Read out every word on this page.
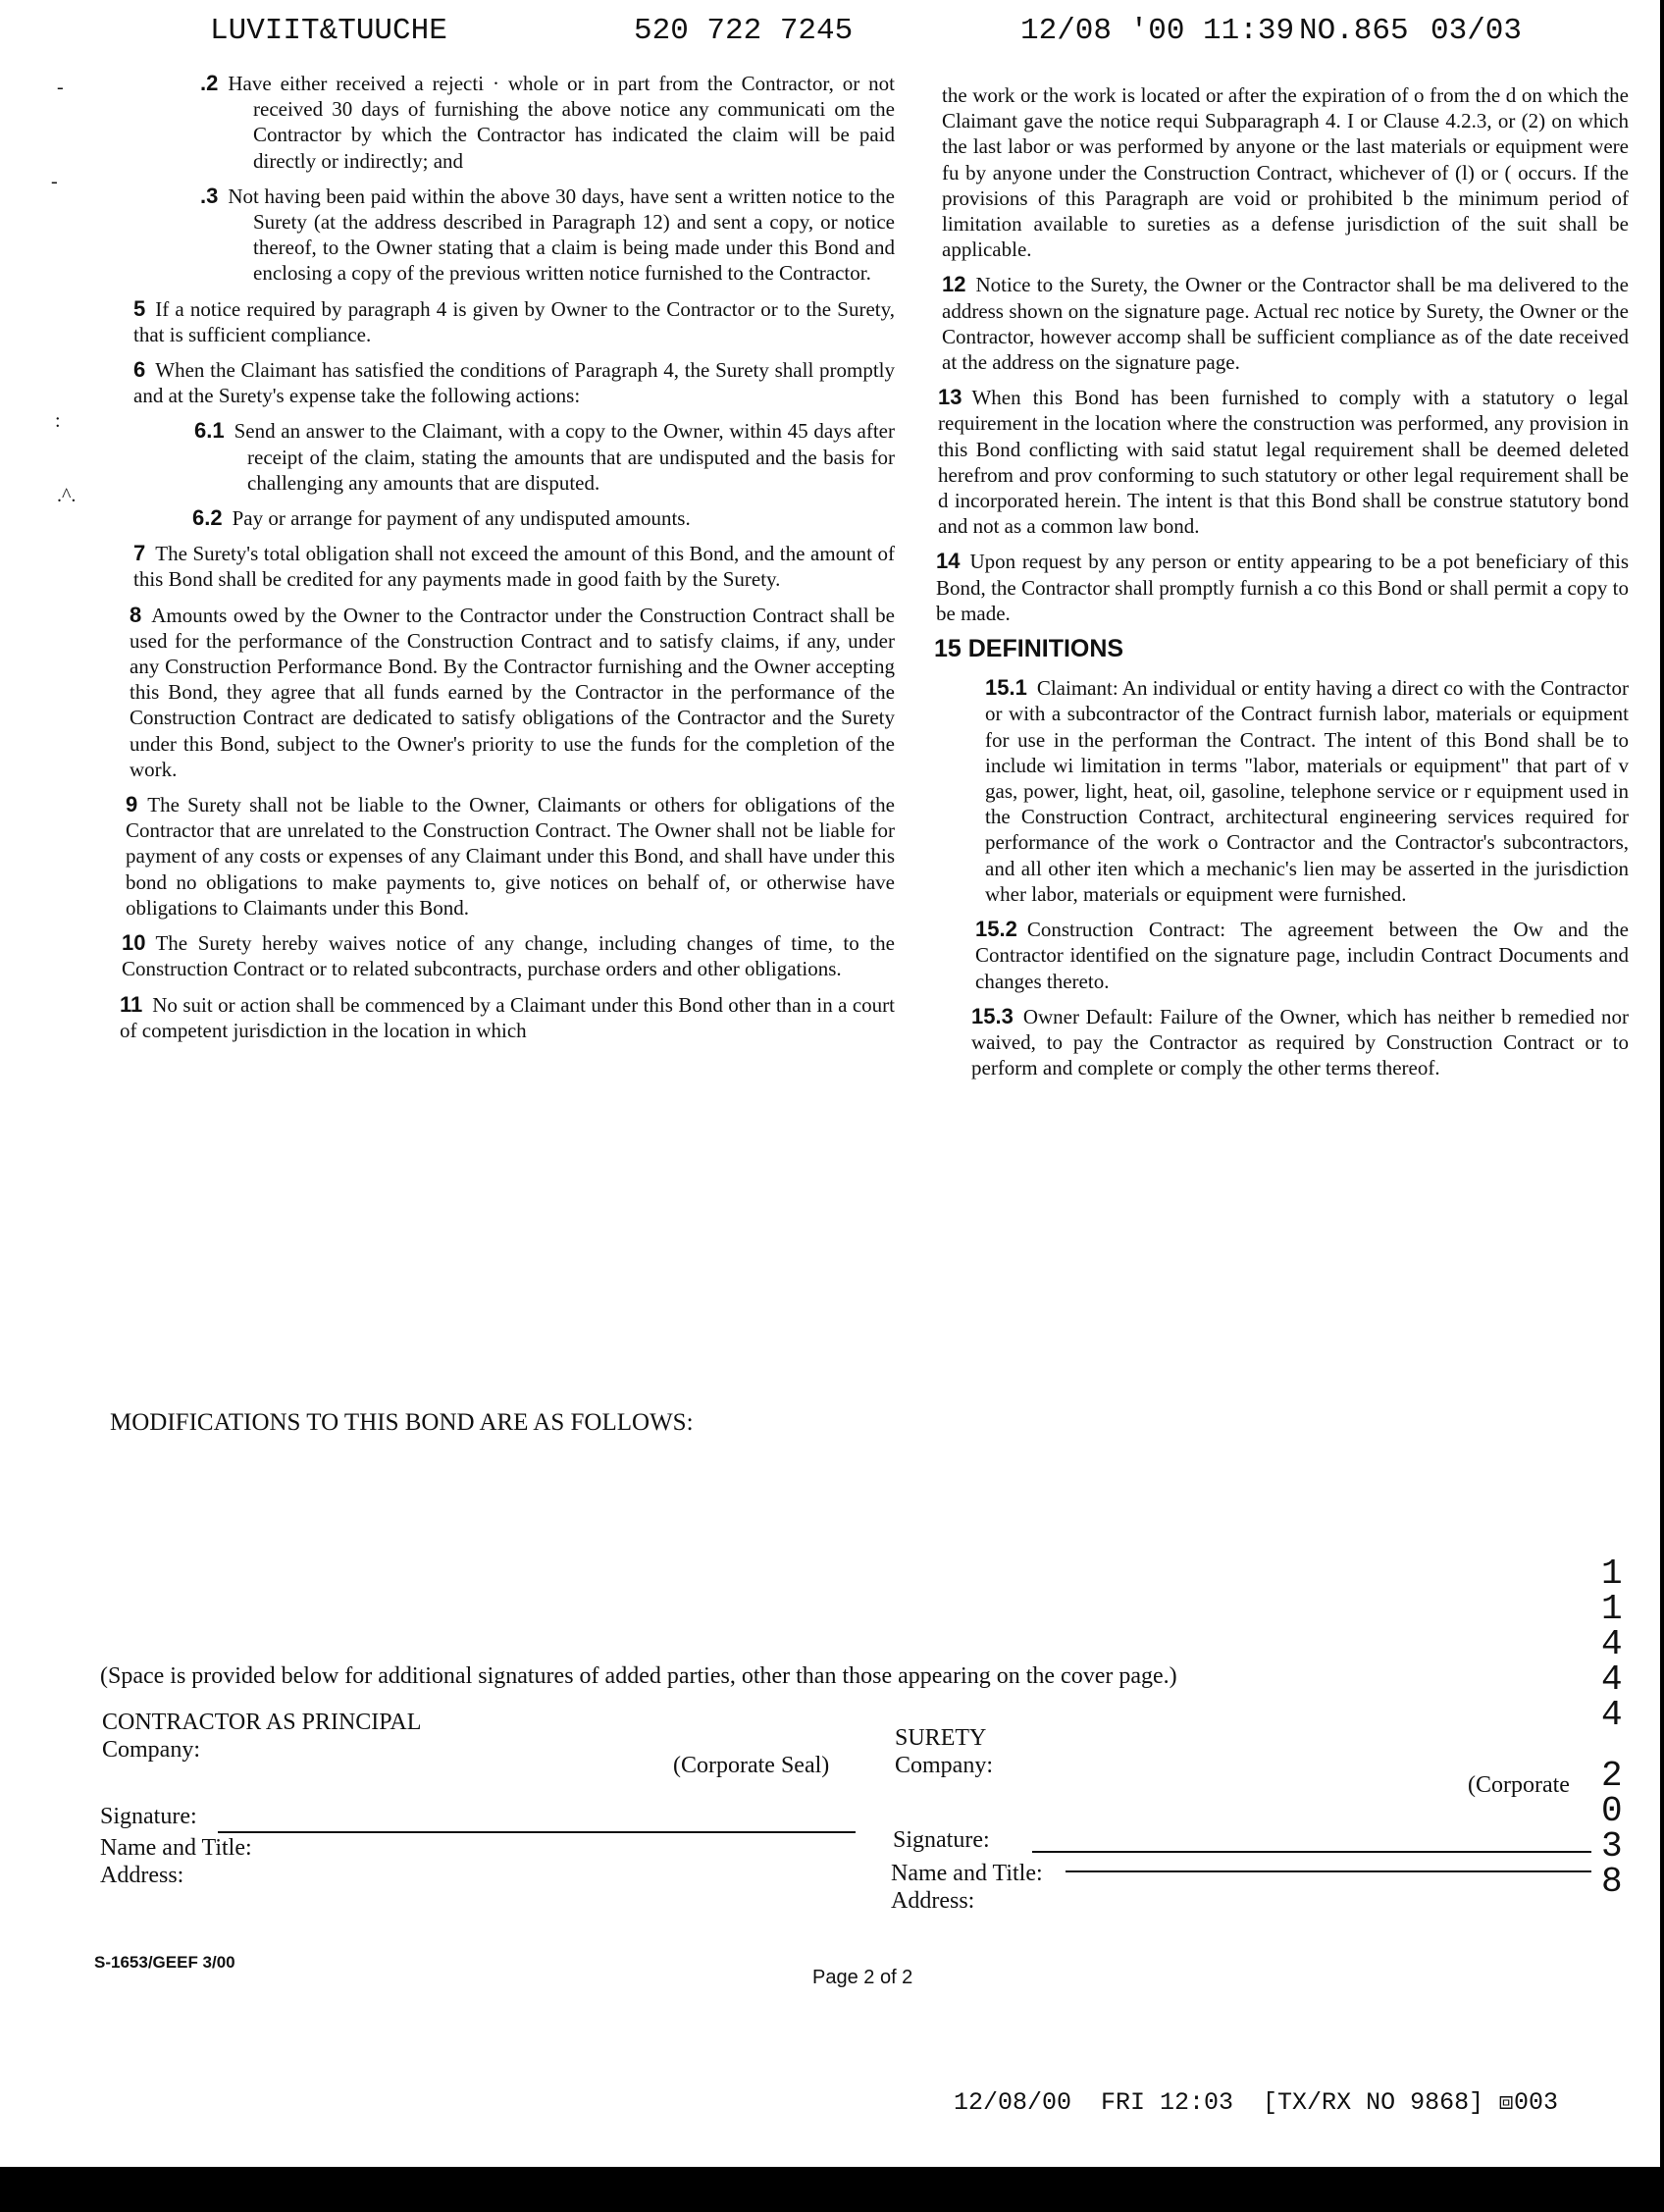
LUVIIT&TUUCHE	520 722 7245	12/08 '00 11:39 NO.865 03/03
-
-
:
.^.

.2 Have either received a rejecti · whole or in part from the Contractor, or not received 30 days of furnishing the above notice any communicati om the Contractor by which the Contractor has indicated the claim will be paid directly or indirectly; and

.3 Not having been paid within the above 30 days, have sent a written notice to the Surety (at the address described in Paragraph 12) and sent a copy, or notice thereof, to the Owner stating that a claim is being made under this Bond and enclosing a copy of the previous written notice furnished to the Contractor.

5 If a notice required by paragraph 4 is given by Owner to the Contractor or to the Surety, that is sufficient compliance.

6 When the Claimant has satisfied the conditions of Paragraph 4, the Surety shall promptly and at the Surety's expense take the following actions:

6.1 Send an answer to the Claimant, with a copy to the Owner, within 45 days after receipt of the claim, stating the amounts that are undisputed and the basis for challenging any amounts that are disputed.

6.2 Pay or arrange for payment of any undisputed amounts.

7 The Surety's total obligation shall not exceed the amount of this Bond, and the amount of this Bond shall be credited for any payments made in good faith by the Surety.

8 Amounts owed by the Owner to the Contractor under the Construction Contract shall be used for the performance of the Construction Contract and to satisfy claims, if any, under any Construction Performance Bond. By the Contractor furnishing and the Owner accepting this Bond, they agree that all funds earned by the Contractor in the performance of the Construction Contract are dedicated to satisfy obligations of the Contractor and the Surety under this Bond, subject to the Owner's priority to use the funds for the completion of the work.

9 The Surety shall not be liable to the Owner, Claimants or others for obligations of the Contractor that are unrelated to the Construction Contract. The Owner shall not be liable for payment of any costs or expenses of any Claimant under this Bond, and shall have under this bond no obligations to make payments to, give notices on behalf of, or otherwise have obligations to Claimants under this Bond.

10 The Surety hereby waives notice of any change, including changes of time, to the Construction Contract or to related subcontracts, purchase orders and other obligations.

11 No suit or action shall be commenced by a Claimant under this Bond other than in a court of competent jurisdiction in the location in which

the work or the work is located or after the expiration of o from the d on which the Claimant gave the notice requi Subparagraph 4. I or Clause 4.2.3, or (2) on which the last labor or was performed by anyone or the last materials or equipment were fu by anyone under the Construction Contract, whichever of (l) or ( occurs. If the provisions of this Paragraph are void or prohibited b the minimum period of limitation available to sureties as a defense jurisdiction of the suit shall be applicable.

12 Notice to the Surety, the Owner or the Contractor shall be ma delivered to the address shown on the signature page. Actual rec notice by Surety, the Owner or the Contractor, however accomp shall be sufficient compliance as of the date received at the address on the signature page.

13 When this Bond has been furnished to comply with a statutory o legal requirement in the location where the construction was performed, any provision in this Bond conflicting with said statut legal requirement shall be deemed deleted herefrom and prov conforming to such statutory or other legal requirement shall be d incorporated herein. The intent is that this Bond shall be construe statutory bond and not as a common law bond.

14 Upon request by any person or entity appearing to be a pot beneficiary of this Bond, the Contractor shall promptly furnish a co this Bond or shall permit a copy to be made.

15 DEFINITIONS

15.1 Claimant: An individual or entity having a direct co with the Contractor or with a subcontractor of the Contract furnish labor, materials or equipment for use in the performan the Contract. The intent of this Bond shall be to include wi limitation in terms "labor, materials or equipment" that part of v gas, power, light, heat, oil, gasoline, telephone service or r equipment used in the Construction Contract, architectural engineering services required for performance of the work o Contractor and the Contractor's subcontractors, and all other iten which a mechanic's lien may be asserted in the jurisdiction wher labor, materials or equipment were furnished.

15.2 Construction Contract: The agreement between the Ow and the Contractor identified on the signature page, includin Contract Documents and changes thereto.

15.3 Owner Default: Failure of the Owner, which has neither b remedied nor waived, to pay the Contractor as required by Construction Contract or to perform and complete or comply the other terms thereof.

MODIFICATIONS TO THIS BOND ARE AS FOLLOWS:
1
1
4
4
4
2
0
3
8
(Space is provided below for additional signatures of added parties, other than those appearing on the cover page.)
CONTRACTOR AS PRINCIPAL
Company:
(Corporate Seal)
Signature:
Name and Title:
Address:
SURETY
Company:
(Corporate
Signature:
Name and Title:
Address:
S-1653/GEEF 3/00
Page 2 of 2
12/08/00  FRI 12:03  [TX/RX NO 9868] ⧈003
